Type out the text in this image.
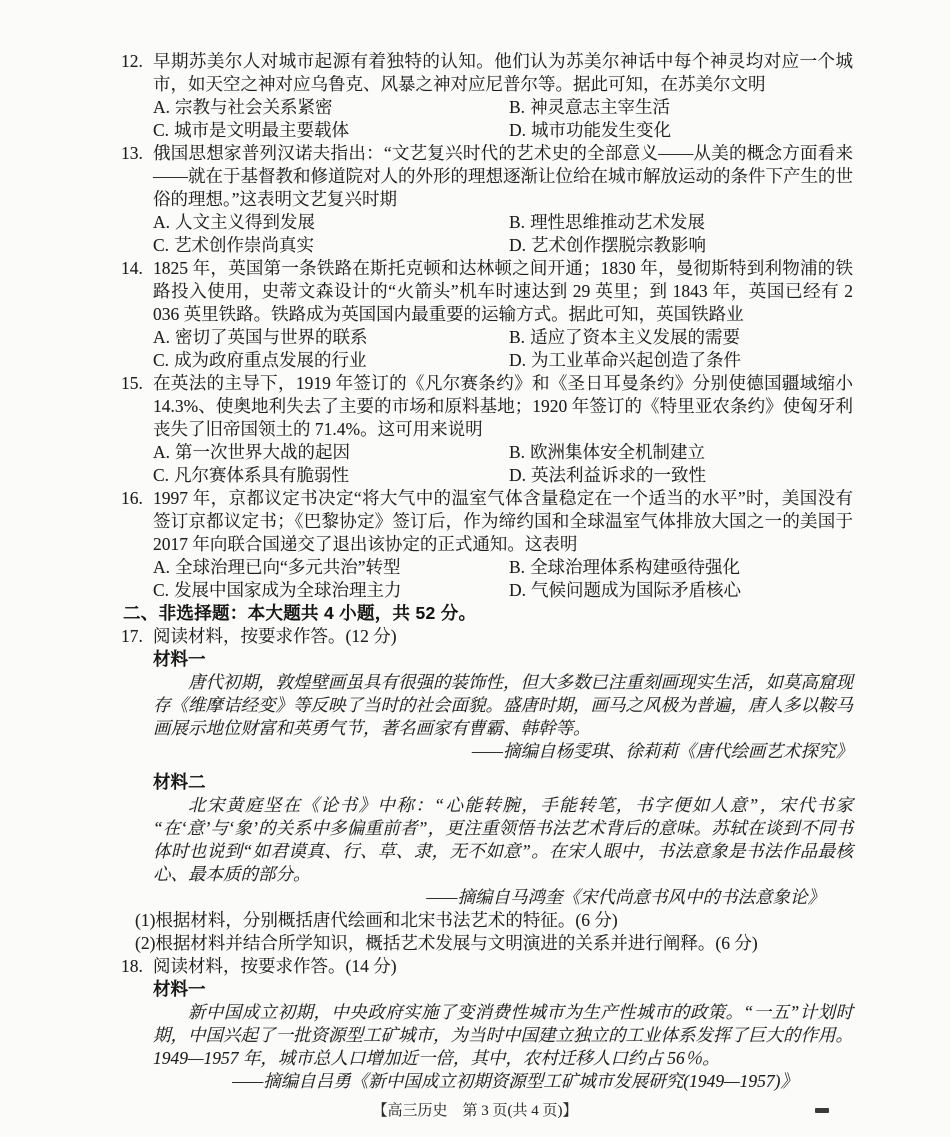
12. 早期苏美尔人对城市起源有着独特的认知。他们认为苏美尔神话中每个神灵均对应一个城市，如天空之神对应乌鲁克、风暴之神对应尼普尔等。据此可知，在苏美尔文明
A. 宗教与社会关系紧密	B. 神灵意志主宰生活
C. 城市是文明最主要载体	D. 城市功能发生变化
13. 俄国思想家普列汉诺夫指出：“文艺复兴时代的艺术史的全部意义——从美的概念方面看来——就在于基督教和修道院对人的外形的理想逐渐让位给在城市解放运动的条件下产生的世俗的理想。”这表明文艺复兴时期
A. 人文主义得到发展	B. 理性思维推动艺术发展
C. 艺术创作崇尚真实	D. 艺术创作摆脱宗教影响
14. 1825 年，英国第一条铁路在斯托克顿和达林顿之间开通；1830 年，曼彻斯特到利物浦的铁路投入使用，史蒂文森设计的“火箭头”机车时速达到 29 英里；到 1843 年，英国已经有 2 036 英里铁路。铁路成为英国国内最重要的运输方式。据此可知，英国铁路业
A. 密切了英国与世界的联系	B. 适应了资本主义发展的需要
C. 成为政府重点发展的行业	D. 为工业革命兴起创造了条件
15. 在英法的主导下，1919 年签订的《凡尔赛条约》和《圣日耳曼条约》分别使德国疆域缩小 14.3%、使奥地利失去了主要的市场和原料基地；1920 年签订的《特里亚农条约》使匈牙利丧失了旧帝国领土的 71.4%。这可用来说明
A. 第一次世界大战的起因	B. 欧洲集体安全机制建立
C. 凡尔赛体系具有脆弱性	D. 英法利益诉求的一致性
16. 1997 年，京都议定书决定“将大气中的温室气体含量稳定在一个适当的水平”时，美国没有签订京都议定书；《巴黎协定》签订后，作为缔约国和全球温室气体排放大国之一的美国于 2017 年向联合国递交了退出该协定的正式通知。这表明
A. 全球治理已向“多元共治”转型	B. 全球治理体系构建亟待强化
C. 发展中国家成为全球治理主力	D. 气候问题成为国际矛盾核心
二、非选择题：本大题共 4 小题，共 52 分。
17. 阅读材料，按要求作答。(12 分)
材料一
唐代初期，敦煌壁画虽具有很强的装饰性，但大多数已注重刻画现实生活，如莫高窟现存《维摩诘经变》等反映了当时的社会面貌。盛唐时期，画马之风极为普遍，唐人多以鞍马画展示地位财富和英勇气节，著名画家有曹霸、韩幹等。
——摘编自杨雯琪、徐莉莉《唐代绘画艺术探究》
材料二
北宋黄庭坚在《论书》中称：“心能转腕，手能转笔，书字便如人意”，宋代书家“在‘意’与‘象’的关系中多偏重前者”，更注重领悟书法艺术背后的意味。苏轼在谈到不同书体时也说到“如君谟真、行、草、隶，无不如意”。在宋人眼中，书法意象是书法作品最核心、最本质的部分。
——摘编自马鸿奎《宋代尚意书风中的书法意象论》
(1)根据材料，分别概括唐代绘画和北宋书法艺术的特征。(6 分)
(2)根据材料并结合所学知识，概括艺术发展与文明演进的关系并进行阐释。(6 分)
18. 阅读材料，按要求作答。(14 分)
材料一
新中国成立初期，中央政府实施了变消费性城市为生产性城市的政策。“一五”计划时期，中国兴起了一批资源型工矿城市，为当时中国建立独立的工业体系发挥了巨大的作用。1949—1957 年，城市总人口增加近一倍，其中，农村迁移人口约占 56％。
——摘编自吕勇《新中国成立初期资源型工矿城市发展研究(1949—1957)》
【高三历史　第 3 页(共 4 页)】
